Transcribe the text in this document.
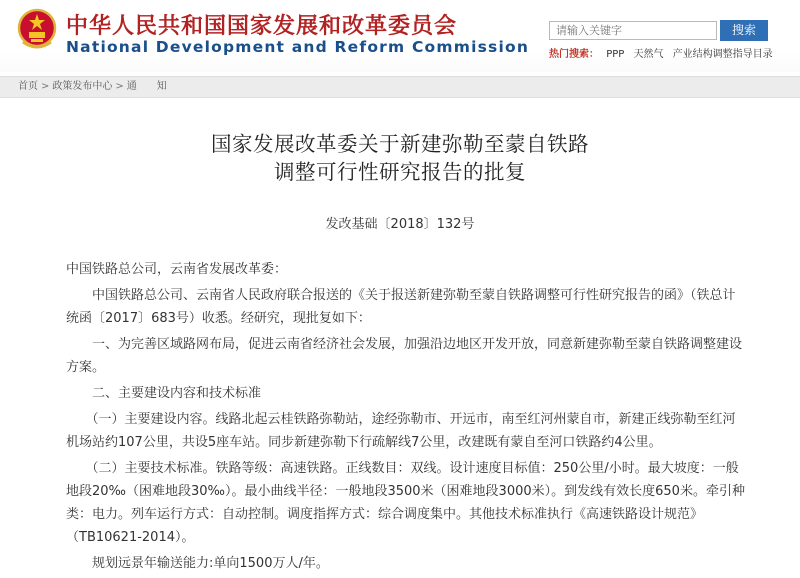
中华人民共和国国家发展和改革委员会
National Development and Reform Commission
请输入关键字	搜索
热门搜索： PPP 天然气 产业结构调整指导目录
首页 > 政策发布中心 > 通　　知
国家发展改革委关于新建弥勒至蒙自铁路
调整可行性研究报告的批复
发改基础〔2018〕132号
中国铁路总公司，云南省发展改革委：
　　中国铁路总公司、云南省人民政府联合报送的《关于报送新建弥勒至蒙自铁路调整可行性研究报告的函》（铁总计
统函〔2017〕683号）收悉。经研究，现批复如下：
　　一、为完善区域路网布局，促进云南省经济社会发展，加强沿边地区开发开放，同意新建弥勒至蒙自铁路调整建设
方案。
　　二、主要建设内容和技术标准
　　（一）主要建设内容。线路北起云桂铁路弥勒站，途经弥勒市、开远市，南至红河州蒙自市，新建正线弥勒至红河
机场站约107公里，共设5座车站。同步新建弥勒下行疏解线7公里，改建既有蒙自至河口铁路约4公里。
　　（二）主要技术标准。铁路等级：高速铁路。正线数目：双线。设计速度目标值：250公里/小时。最大坡度：一般
地段20‰（困难地段30‰）。最小曲线半径：一般地段3500米（困难地段3000米）。到发线有效长度650米。牵引种
类：电力。列车运行方式：自动控制。调度指挥方式：综合调度集中。其他技术标准执行《高速铁路设计规范》
（TB10621-2014）。
　　规划远景年输送能力:单向1500万人/年。
